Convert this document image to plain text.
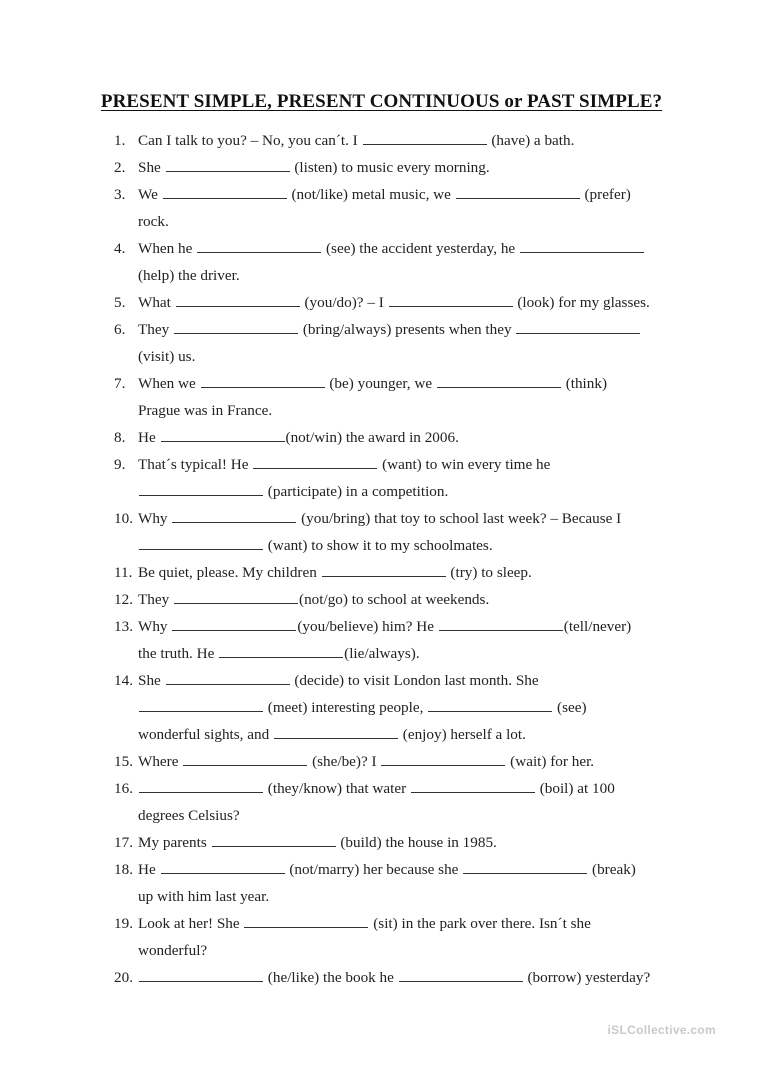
PRESENT SIMPLE, PRESENT CONTINUOUS or PAST SIMPLE?
1. Can I talk to you? – No, you can´t. I	(have) a bath.
2. She	(listen) to music every morning.
3. We	(not/like) metal music, we	(prefer)
rock.
4. When he	(see) the accident yesterday, he
(help) the driver.
5. What	(you/do)? – I	(look) for my glasses.
6. They	(bring/always) presents when they
(visit) us.
7. When we	(be) younger, we	(think)
Prague was in France.
8. He	(not/win) the award in 2006.
9. That´s typical! He	(want) to win every time he
(participate) in a competition.
10. Why	(you/bring) that toy to school last week? – Because I
(want) to show it to my schoolmates.
11. Be quiet, please. My children	(try) to sleep.
12. They	(not/go) to school at weekends.
13. Why	(you/believe) him? He	(tell/never)
the truth. He	(lie/always).
14. She	(decide) to visit London last month. She
(meet) interesting people,	(see)
wonderful sights, and	(enjoy) herself a lot.
15. Where	(she/be)? I	(wait) for her.
16.	(they/know) that water	(boil) at 100
degrees Celsius?
17. My parents	(build) the house in 1985.
18. He	(not/marry) her because she	(break)
up with him last year.
19. Look at her! She	(sit) in the park over there. Isn´t she
wonderful?
20.	(he/like) the book he	(borrow) yesterday?
iSLCollective.com
